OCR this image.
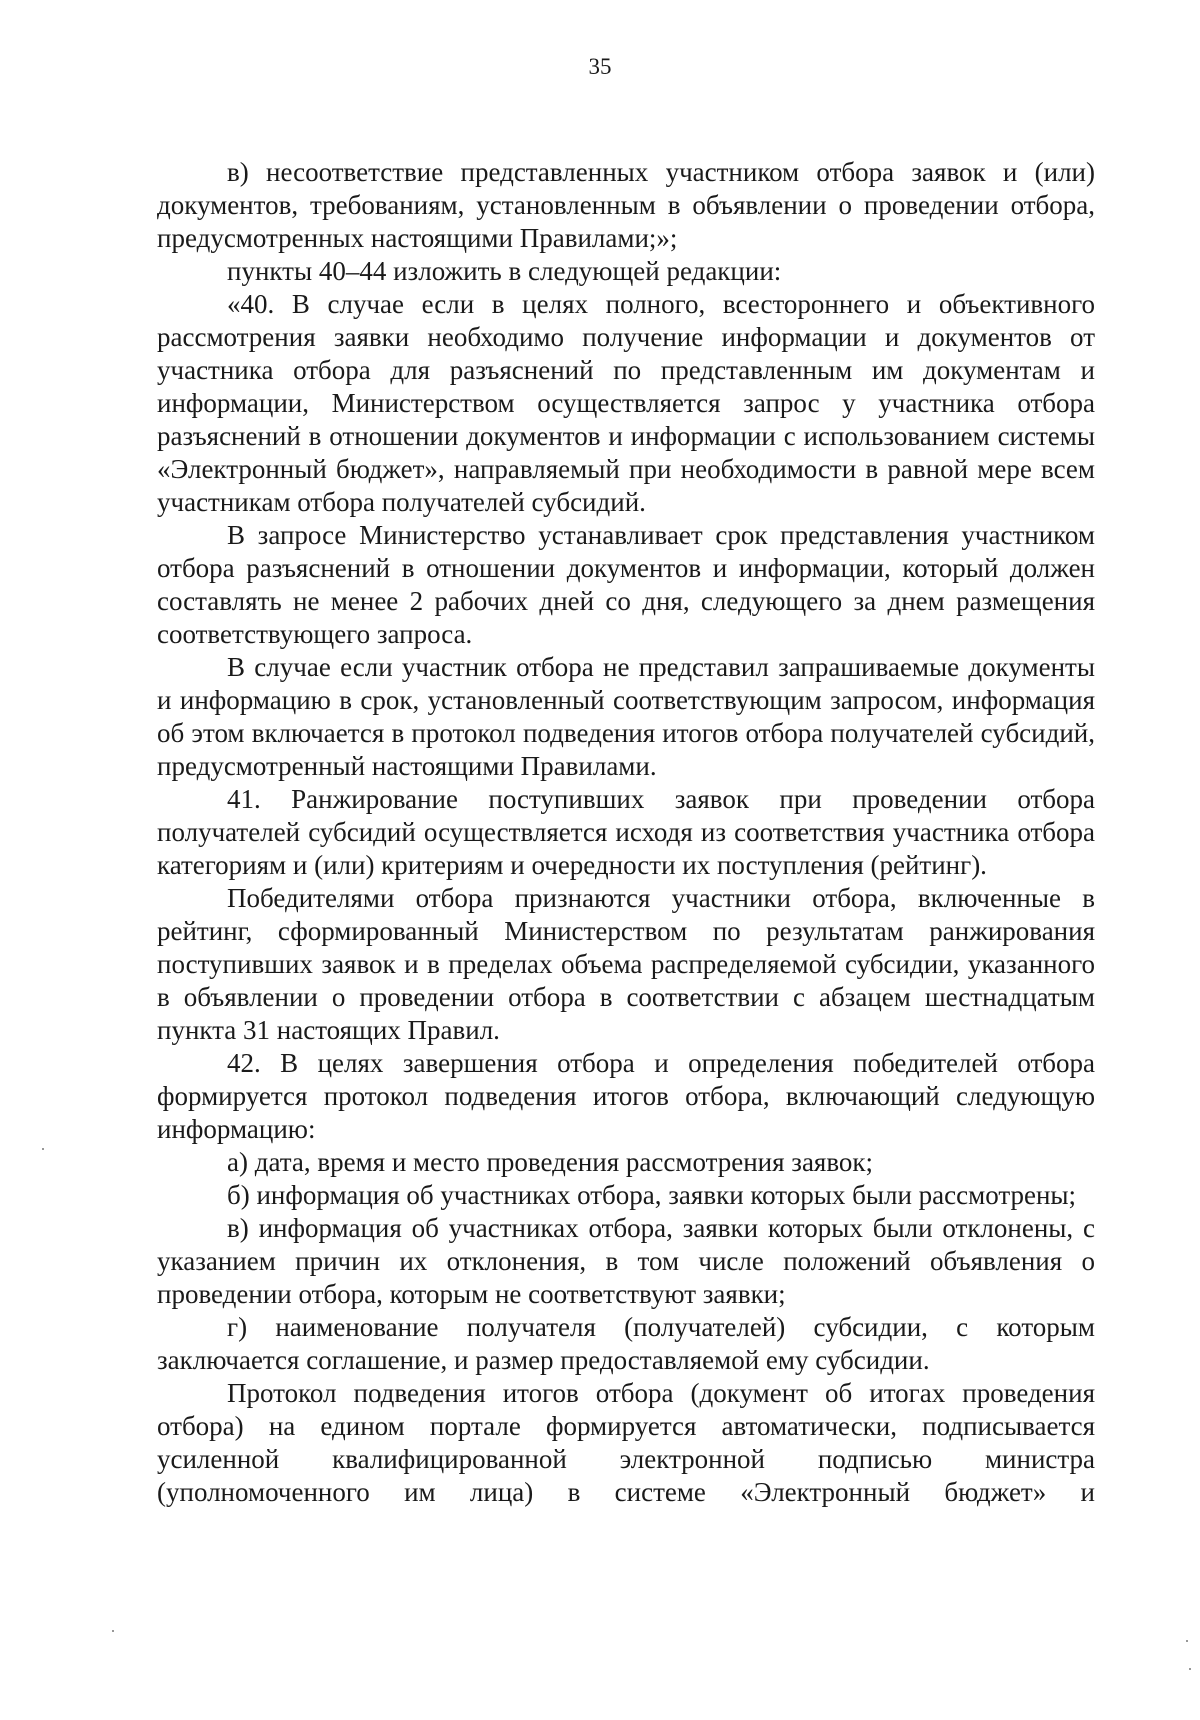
35

в) несоответствие представленных участником отбора заявок и (или) документов, требованиям, установленным в объявлении о проведении отбора, предусмотренных настоящими Правилами;»;

пункты 40–44 изложить в следующей редакции:

«40. В случае если в целях полного, всестороннего и объективного рассмотрения заявки необходимо получение информации и документов от участника отбора для разъяснений по представленным им документам и информации, Министерством осуществляется запрос у участника отбора разъяснений в отношении документов и информации с использованием системы «Электронный бюджет», направляемый при необходимости в равной мере всем участникам отбора получателей субсидий.

В запросе Министерство устанавливает срок представления участником отбора разъяснений в отношении документов и информации, который должен составлять не менее 2 рабочих дней со дня, следующего за днем размещения соответствующего запроса.

В случае если участник отбора не представил запрашиваемые документы и информацию в срок, установленный соответствующим запросом, информация об этом включается в протокол подведения итогов отбора получателей субсидий, предусмотренный настоящими Правилами.

41. Ранжирование поступивших заявок при проведении отбора получателей субсидий осуществляется исходя из соответствия участника отбора категориям и (или) критериям и очередности их поступления (рейтинг).

Победителями отбора признаются участники отбора, включенные в рейтинг, сформированный Министерством по результатам ранжирования поступивших заявок и в пределах объема распределяемой субсидии, указанного в объявлении о проведении отбора в соответствии с абзацем шестнадцатым пункта 31 настоящих Правил.

42. В целях завершения отбора и определения победителей отбора формируется протокол подведения итогов отбора, включающий следующую информацию:

а) дата, время и место проведения рассмотрения заявок;

б) информация об участниках отбора, заявки которых были рассмотрены;

в) информация об участниках отбора, заявки которых были отклонены, с указанием причин их отклонения, в том числе положений объявления о проведении отбора, которым не соответствуют заявки;

г) наименование получателя (получателей) субсидии, с которым заключается соглашение, и размер предоставляемой ему субсидии.

Протокол подведения итогов отбора (документ об итогах проведения отбора) на едином портале формируется автоматически, подписывается усиленной квалифицированной электронной подписью министра (уполномоченного им лица) в системе «Электронный бюджет» и
